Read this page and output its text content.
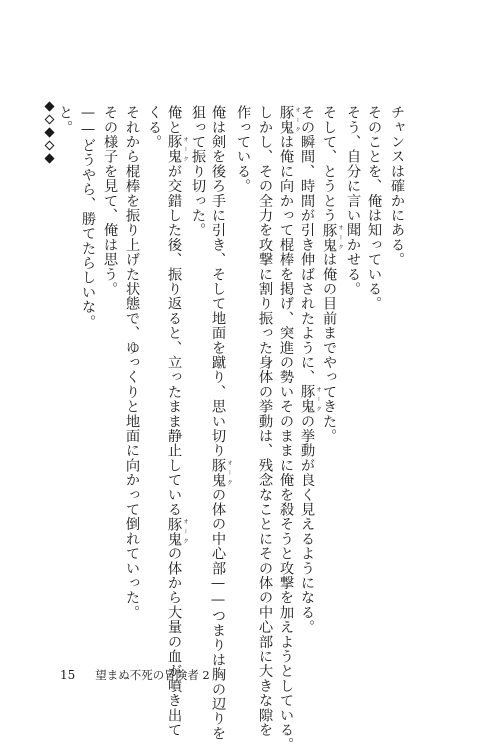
チャンスは確かにある。
そのことを、俺は知っている。
そう、自分に言い聞かせる。
そして、とうとう豚鬼 オークは俺の目前までやってきた。
その瞬間、時間が引き伸ばされたように、豚鬼 オークの挙動が良く見えるようになる。
豚鬼 オークは俺に向かって棍棒を掲げ、突進の勢いそのままに俺を殺そうと攻撃を加えようとしている。
しかし、その全力を攻撃に割り振った身体の挙動は、残念なことにその体の中心部に大きな隙を
作っている。
俺は剣を後ろ手に引き、そして地面を蹴り、思い切り豚鬼 オークの体の中心部——つまりは胸の辺りを
狙って振り切った。
俺と豚鬼 オークが交錯した後、振り返ると、立ったまま静止している豚鬼 オークの体から大量の血が噴き出て
くる。
それから棍棒を振り上げた状態で、ゆっくりと地面に向かって倒れていった。
その様子を見て、俺は思う。
——どうやら、勝てたらしいな。
と。
15 望まぬ不死の冒険者 2
